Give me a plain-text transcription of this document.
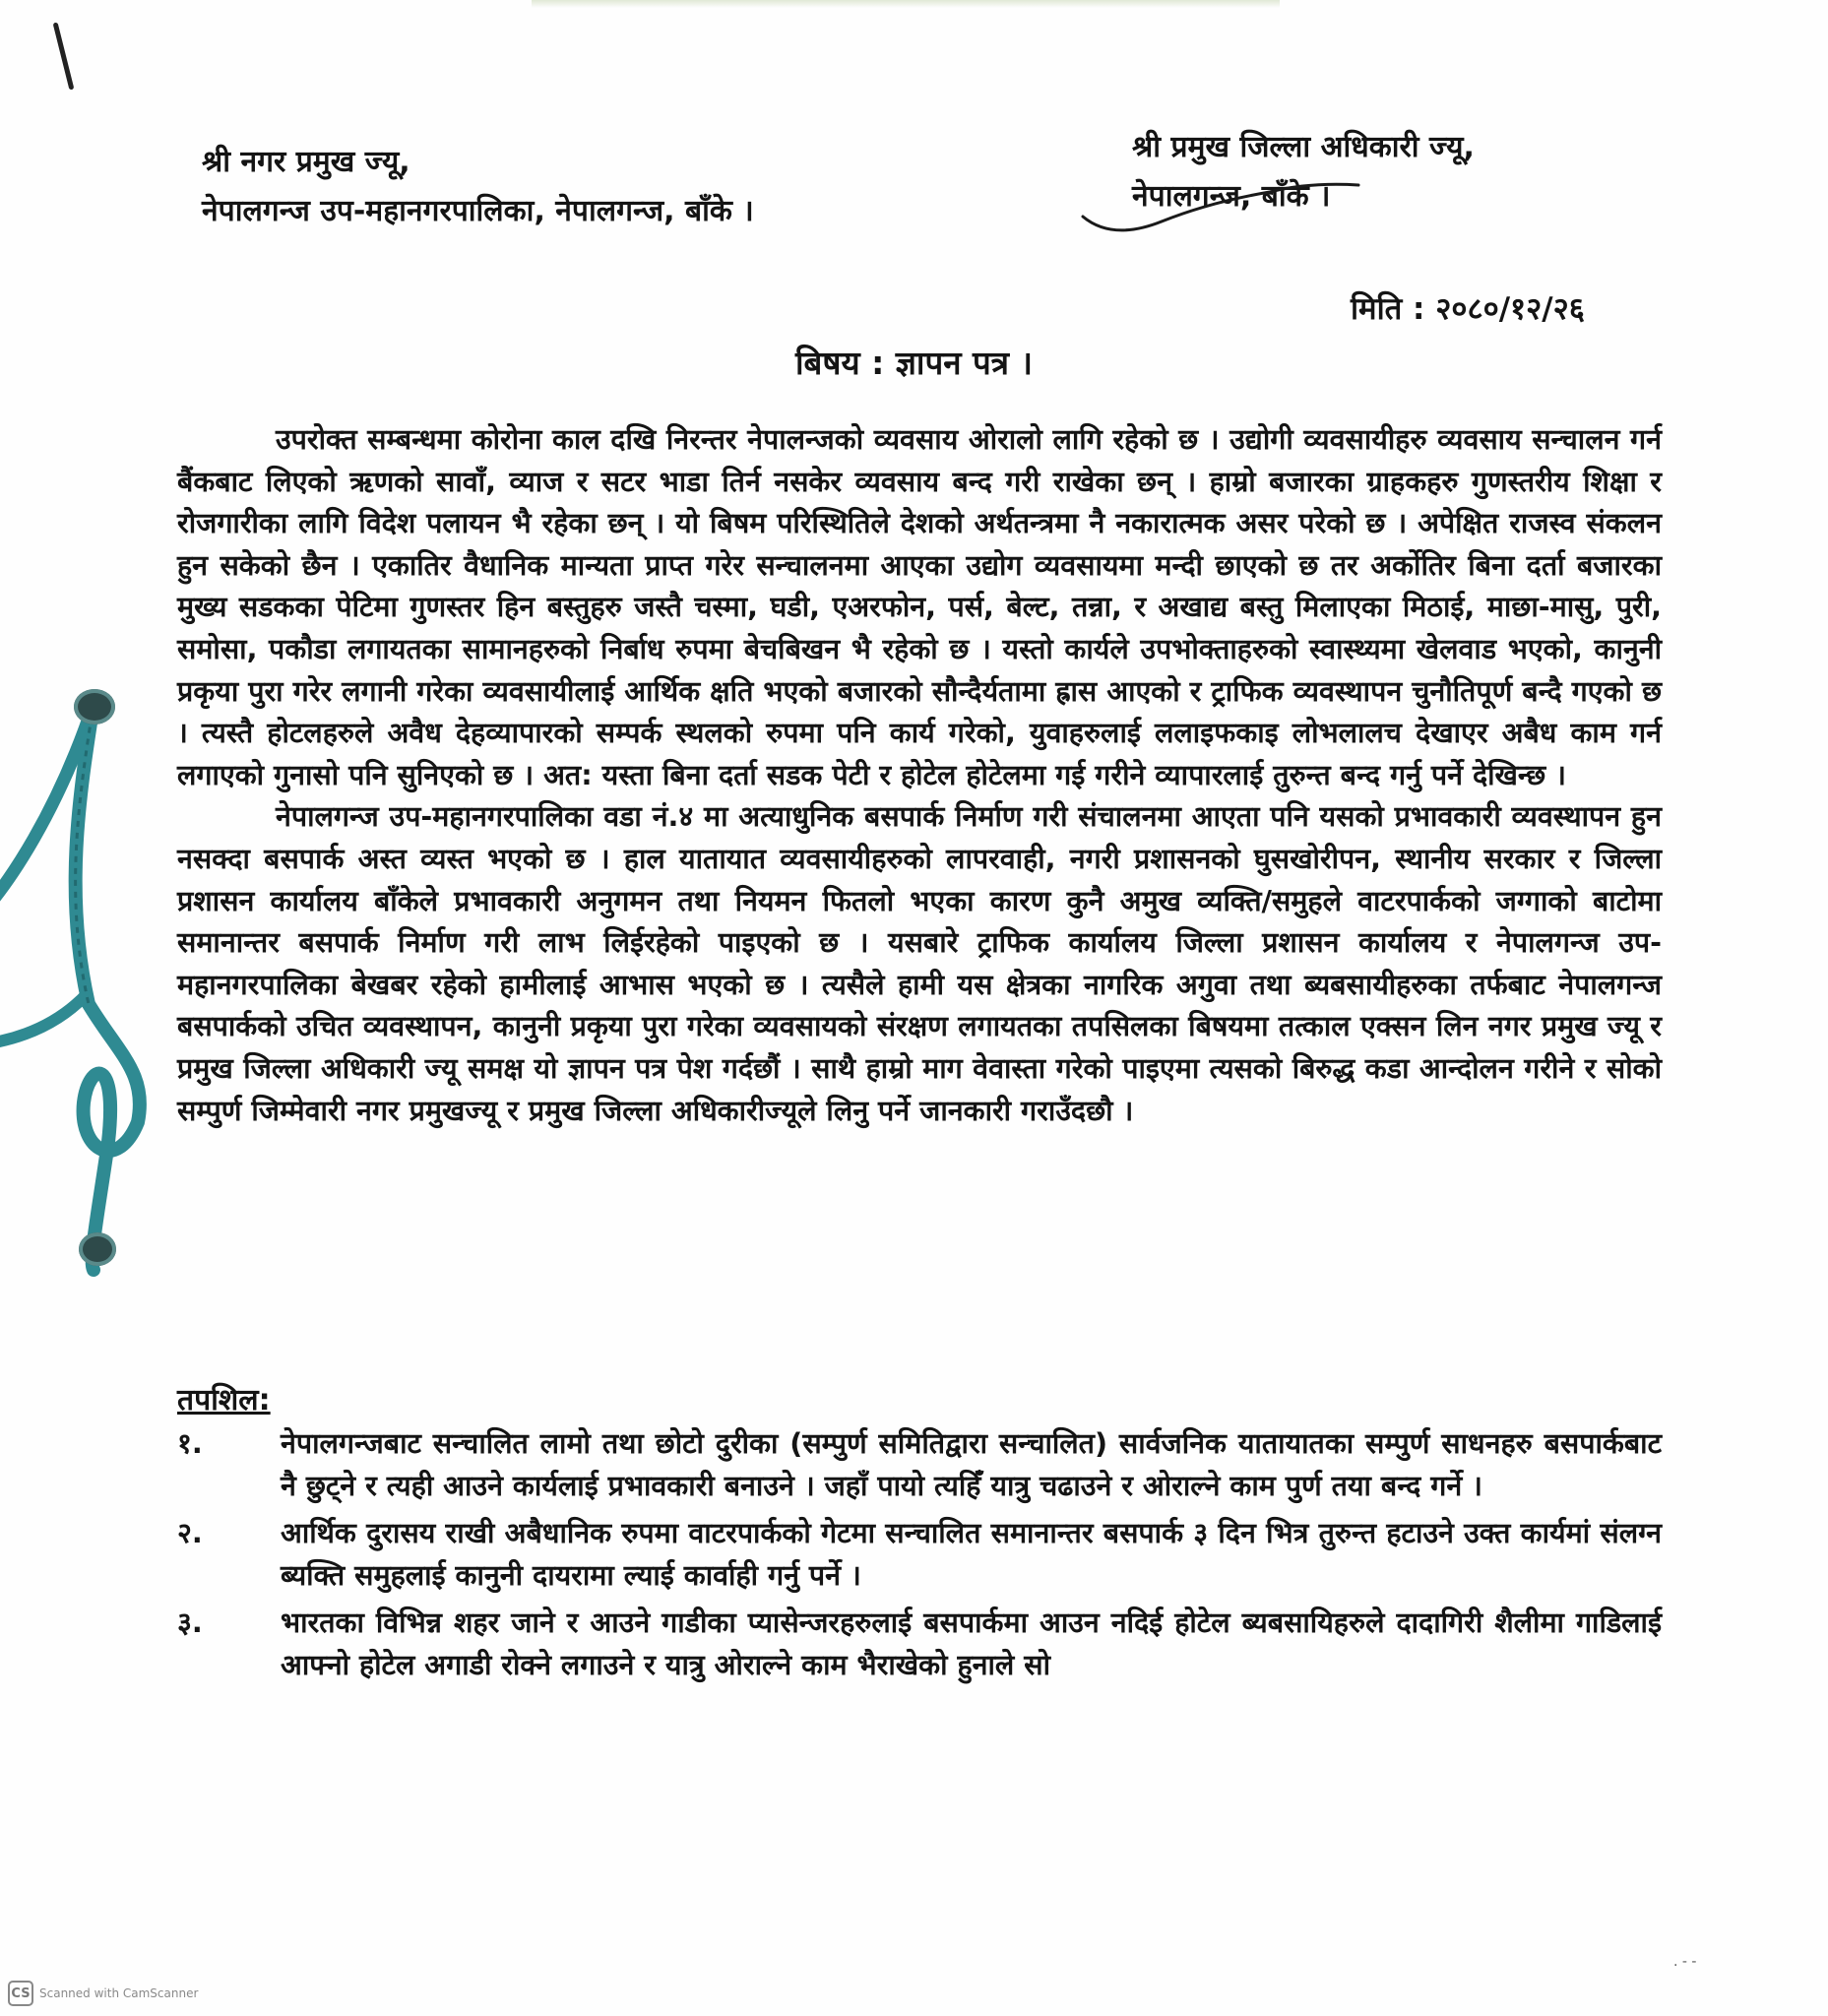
श्री नगर प्रमुख ज्यू,
नेपालगन्ज उप-महानगरपालिका, नेपालगन्ज, बाँके ।
श्री प्रमुख जिल्ला अधिकारी ज्यू,
नेपालगन्ज, बाँके ।
मिति : २०८०/१२/२६
बिषय : ज्ञापन पत्र ।

उपरोक्त सम्बन्धमा कोरोना काल दखि निरन्तर नेपालन्जको व्यवसाय ओरालो लागि रहेको छ । उद्योगी व्यवसायीहरु व्यवसाय सन्चालन गर्न बैंकबाट लिएको ऋणको सावाँ, व्याज र सटर भाडा तिर्न नसकेर व्यवसाय बन्द गरी राखेका छन् । हाम्रो बजारका ग्राहकहरु गुणस्तरीय शिक्षा र रोजगारीका लागि विदेश पलायन भै रहेका छन् । यो बिषम परिस्थितिले देशको अर्थतन्त्रमा नै नकारात्मक असर परेको छ । अपेक्षित राजस्व संकलन हुन सकेको छैन । एकातिर वैधानिक मान्यता प्राप्त गरेर सन्चालनमा आएका उद्योग व्यवसायमा मन्दी छाएको छ तर अर्कोतिर बिना दर्ता बजारका मुख्य सडकका पेटिमा गुणस्तर हिन बस्तुहरु जस्तै चस्मा, घडी, एअरफोन, पर्स, बेल्ट, तन्ना, र अखाद्य बस्तु मिलाएका मिठाई, माछा-मासु, पुरी, समोसा, पकौडा लगायतका सामानहरुको निर्बाध रुपमा बेचबिखन भै रहेको छ । यस्तो कार्यले उपभोक्ताहरुको स्वास्थ्यमा खेलवाड भएको, कानुनी प्रकृया पुरा गरेर लगानी गरेका व्यवसायीलाई आर्थिक क्षति भएको बजारको सौन्दैर्यतामा ह्रास आएको र ट्राफिक व्यवस्थापन चुनौतिपूर्ण बन्दै गएको छ । त्यस्तै होटलहरुले अवैध देहव्यापारको सम्पर्क स्थलको रुपमा पनि कार्य गरेको, युवाहरुलाई ललाइफकाइ लोभलालच देखाएर अबैध काम गर्न लगाएको गुनासो पनि सुनिएको छ । अत: यस्ता बिना दर्ता सडक पेटी र होटेल होटेलमा गई गरीने व्यापारलाई तुरुन्त बन्द गर्नु पर्ने देखिन्छ ।

नेपालगन्ज उप-महानगरपालिका वडा नं.४ मा अत्याधुनिक बसपार्क निर्माण गरी संचालनमा आएता पनि यसको प्रभावकारी व्यवस्थापन हुन नसक्दा बसपार्क अस्त व्यस्त भएको छ । हाल यातायात व्यवसायीहरुको लापरवाही, नगरी प्रशासनको घुसखोरीपन, स्थानीय सरकार र जिल्ला प्रशासन कार्यालय बाँकेले प्रभावकारी अनुगमन तथा नियमन फितलो भएका कारण कुनै अमुख व्यक्ति/समुहले वाटरपार्कको जग्गाको बाटोमा समानान्तर बसपार्क निर्माण गरी लाभ लिईरहेको पाइएको छ । यसबारे ट्राफिक कार्यालय जिल्ला प्रशासन कार्यालय र नेपालगन्ज उप-महानगरपालिका बेखबर रहेको हामीलाई आभास भएको छ । त्यसैले हामी यस क्षेत्रका नागरिक अगुवा तथा ब्यबसायीहरुका तर्फबाट नेपालगन्ज बसपार्कको उचित व्यवस्थापन, कानुनी प्रकृया पुरा गरेका व्यवसायको संरक्षण लगायतका तपसिलका बिषयमा तत्काल एक्सन लिन नगर प्रमुख ज्यू र प्रमुख जिल्ला अधिकारी ज्यू समक्ष यो ज्ञापन पत्र पेश गर्दछौं । साथै हाम्रो माग वेवास्ता गरेको पाइएमा त्यसको बिरुद्ध कडा आन्दोलन गरीने र सोको सम्पुर्ण जिम्मेवारी नगर प्रमुखज्यू र प्रमुख जिल्ला अधिकारीज्यूले लिनु पर्ने जानकारी गराउँदछौ ।

तपशिल:
१.	नेपालगन्जबाट सन्चालित लामो तथा छोटो दुरीका (सम्पुर्ण समितिद्वारा सन्चालित) सार्वजनिक यातायातका सम्पुर्ण साधनहरु बसपार्कबाट नै छुट्ने र त्यही आउने कार्यलाई प्रभावकारी बनाउने । जहाँ पायो त्यहिँ यात्रु चढाउने र ओराल्ने काम पुर्ण तया बन्द गर्ने ।
२.	आर्थिक दुरासय राखी अबैधानिक रुपमा वाटरपार्कको गेटमा सन्चालित समानान्तर बसपार्क ३ दिन भित्र तुरुन्त हटाउने उक्त कार्यमां संलग्न ब्यक्ति समुहलाई कानुनी दायरामा ल्याई कार्वाही गर्नु पर्ने ।
३.	भारतका विभिन्न शहर जाने र आउने गाडीका प्यासेन्जरहरुलाई बसपार्कमा आउन नदिई होटेल ब्यबसायिहरुले दादागिरी शैलीमा गाडिलाई आफ्नो होटेल अगाडी रोक्ने लगाउने र यात्रु ओराल्ने काम भैराखेको हुनाले सो
. - -
CS Scanned with CamScanner
